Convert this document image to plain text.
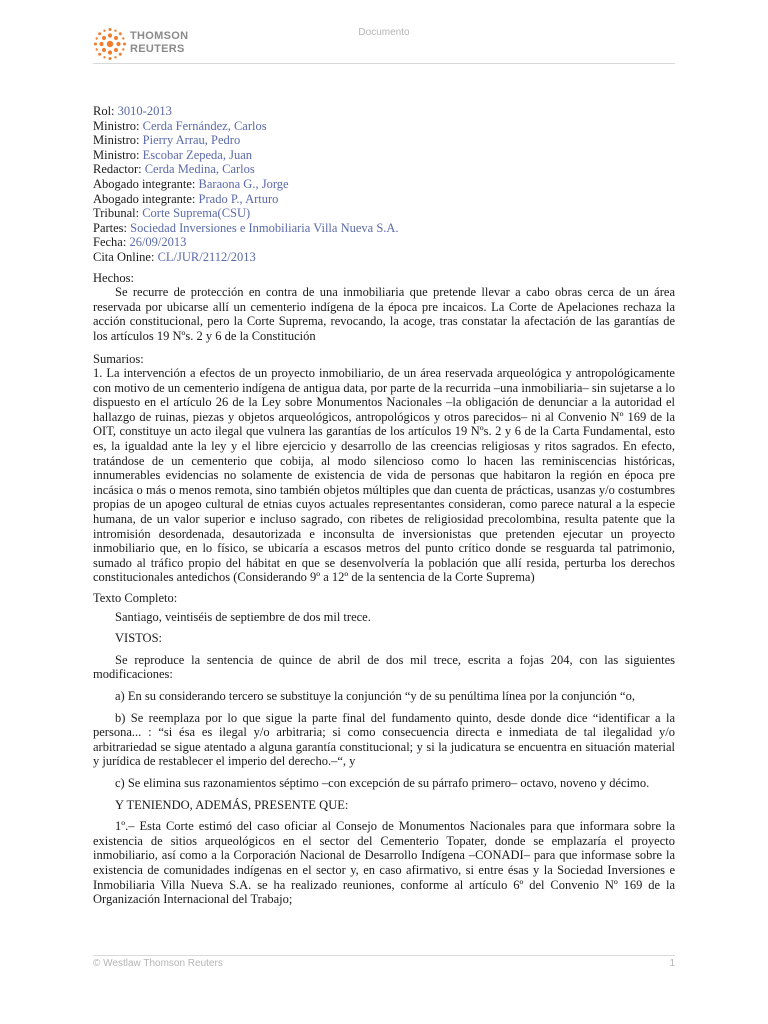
THOMSON
REUTERS
Documento
Rol: 3010-2013
Ministro: Cerda Fernández, Carlos
Ministro: Pierry Arrau, Pedro
Ministro: Escobar Zepeda, Juan
Redactor: Cerda Medina, Carlos
Abogado integrante: Baraona G., Jorge
Abogado integrante: Prado P., Arturo
Tribunal: Corte Suprema(CSU)
Partes: Sociedad Inversiones e Inmobiliaria Villa Nueva S.A.
Fecha: 26/09/2013
Cita Online: CL/JUR/2112/2013
Hechos:

Se recurre de protección en contra de una inmobiliaria que pretende llevar a cabo obras cerca de un área reservada por ubicarse allí un cementerio indígena de la época pre incaicos. La Corte de Apelaciones rechaza la acción constitucional, pero la Corte Suprema, revocando, la acoge, tras constatar la afectación de las garantías de los artículos 19 Nºs. 2 y 6 de la Constitución

Sumarios:

1. La intervención a efectos de un proyecto inmobiliario, de un área reservada arqueológica y antropológicamente con motivo de un cementerio indígena de antigua data, por parte de la recurrida –una inmobiliaria– sin sujetarse a lo dispuesto en el artículo 26 de la Ley sobre Monumentos Nacionales –la obligación de denunciar a la autoridad el hallazgo de ruinas, piezas y objetos arqueológicos, antropológicos y otros parecidos– ni al Convenio Nº 169 de la OIT, constituye un acto ilegal que vulnera las garantías de los artículos 19 Nºs. 2 y 6 de la Carta Fundamental, esto es, la igualdad ante la ley y el libre ejercicio y desarrollo de las creencias religiosas y ritos sagrados. En efecto, tratándose de un cementerio que cobija, al modo silencioso como lo hacen las reminiscencias históricas, innumerables evidencias no solamente de existencia de vida de personas que habitaron la región en época pre incásica o más o menos remota, sino también objetos múltiples que dan cuenta de prácticas, usanzas y/o costumbres propias de un apogeo cultural de etnias cuyos actuales representantes consideran, como parece natural a la especie humana, de un valor superior e incluso sagrado, con ribetes de religiosidad precolombina, resulta patente que la intromisión desordenada, desautorizada e inconsulta de inversionistas que pretenden ejecutar un proyecto inmobiliario que, en lo físico, se ubicaría a escasos metros del punto crítico donde se resguarda tal patrimonio, sumado al tráfico propio del hábitat en que se desenvolvería la población que allí resida, perturba los derechos constitucionales antedichos (Considerando 9º a 12º de la sentencia de la Corte Suprema)

Texto Completo:

Santiago, veintiséis de septiembre de dos mil trece.

VISTOS:

Se reproduce la sentencia de quince de abril de dos mil trece, escrita a fojas 204, con las siguientes modificaciones:

a) En su considerando tercero se substituye la conjunción “y de su penúltima línea por la conjunción “o,

b) Se reemplaza por lo que sigue la parte final del fundamento quinto, desde donde dice “identificar a la persona... : “si ésa es ilegal y/o arbitraria; si como consecuencia directa e inmediata de tal ilegalidad y/o arbitrariedad se sigue atentado a alguna garantía constitucional; y si la judicatura se encuentra en situación material y jurídica de restablecer el imperio del derecho.–“, y

c) Se elimina sus razonamientos séptimo –con excepción de su párrafo primero– octavo, noveno y décimo.

Y TENIENDO, ADEMÁS, PRESENTE QUE:

1º.– Esta Corte estimó del caso oficiar al Consejo de Monumentos Nacionales para que informara sobre la existencia de sitios arqueológicos en el sector del Cementerio Topater, donde se emplazaría el proyecto inmobiliario, así como a la Corporación Nacional de Desarrollo Indígena –CONADI– para que informase sobre la existencia de comunidades indígenas en el sector y, en caso afirmativo, si entre ésas y la Sociedad Inversiones e Inmobiliaria Villa Nueva S.A. se ha realizado reuniones, conforme al artículo 6º del Convenio Nº 169 de la Organización Internacional del Trabajo;

© Westlaw Thomson Reuters	1
